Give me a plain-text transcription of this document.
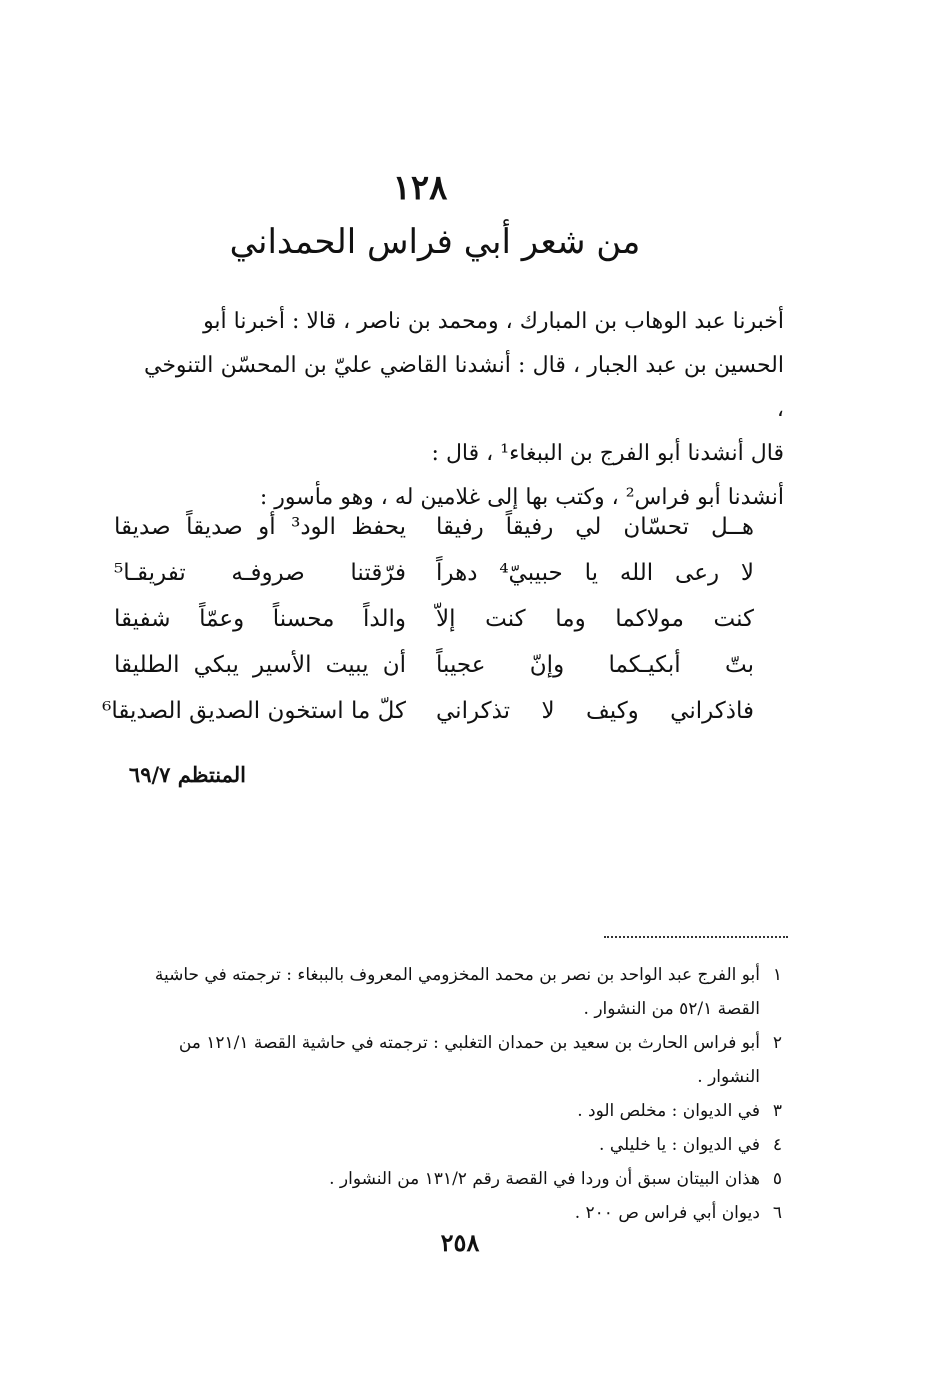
١٢٨
من شعر أبي فراس الحمداني

أخبرنا عبد الوهاب بن المبارك ، ومحمد بن ناصر ، قالا : أخبرنا أبو

الحسين بن عبد الجبار ، قال : أنشدنا القاضي عليّ بن المحسّن التنوخي ،

قال أنشدنا أبو الفرج بن الببغاء¹ ، قال :

أنشدنا أبو فراس² ، وكتب بها إلى غلامين له ، وهو مأسور :

هــل تحسّان لي رفيقاً رفيقا
يحفظ الود³ أو صديقاً صديقا
لا رعى الله يا حبيبيّ⁴ دهراً
فرّقتنا صروفـه تفريقـا⁵
كنت مولاكما وما كنت إلاّ
والداً محسناً وعمّاً شفيقا
بتّ أبكيـكما وإنّ عجيباً
أن يبيت الأسير يبكي الطليقا
فاذكراني وكيف لا تذكراني
كلّ ما استخون الصديق الصديقا⁶
المنتظم ٦٩/٧
١
أبو الفرج عبد الواحد بن نصر بن محمد المخزومي المعروف بالببغاء : ترجمته في حاشية القصة ٥٢/١ من النشوار .
٢
أبو فراس الحارث بن سعيد بن حمدان التغلبي : ترجمته في حاشية القصة ١٢١/١ من النشوار .
٣
في الديوان : مخلص الود .
٤
في الديوان : يا خليلي .
٥
هذان البيتان سبق أن وردا في القصة رقم ١٣١/٢ من النشوار .
٦
ديوان أبي فراس ص ٢٠٠ .
٢٥٨
